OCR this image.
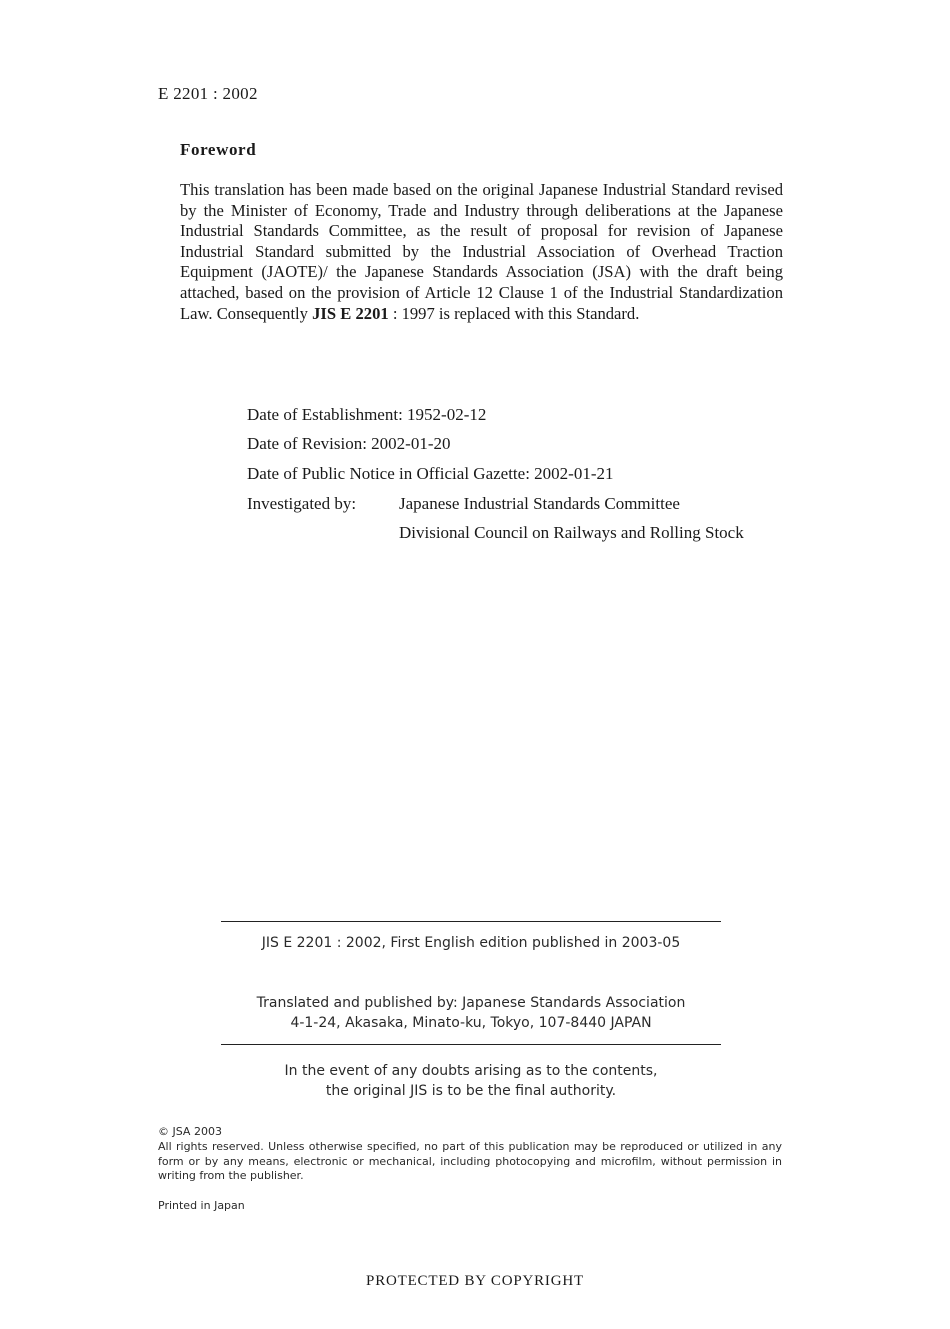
E 2201 : 2002
Foreword
This translation has been made based on the original Japanese Industrial Standard revised by the Minister of Economy, Trade and Industry through deliberations at the Japanese Industrial Standards Committee, as the result of proposal for revision of Japanese Industrial Standard submitted by the Industrial Association of Overhead Traction Equipment (JAOTE)/ the Japanese Standards Association (JSA) with the draft being attached, based on the provision of Article 12 Clause 1 of the Industrial Standardization Law. Consequently JIS E 2201 : 1997 is replaced with this Standard.
Date of Establishment: 1952-02-12
Date of Revision: 2002-01-20
Date of Public Notice in Official Gazette: 2002-01-21
Investigated by:	Japanese Industrial Standards Committee
Divisional Council on Railways and Rolling Stock
JIS E 2201 : 2002, First English edition published in 2003-05
Translated and published by: Japanese Standards Association
4-1-24, Akasaka, Minato-ku, Tokyo, 107-8440 JAPAN
In the event of any doubts arising as to the contents,
the original JIS is to be the final authority.
© JSA 2003
All rights reserved. Unless otherwise specified, no part of this publication may be reproduced or utilized in any form or by any means, electronic or mechanical, including photocopying and microfilm, without permission in writing from the publisher.
Printed in Japan
PROTECTED BY COPYRIGHT
